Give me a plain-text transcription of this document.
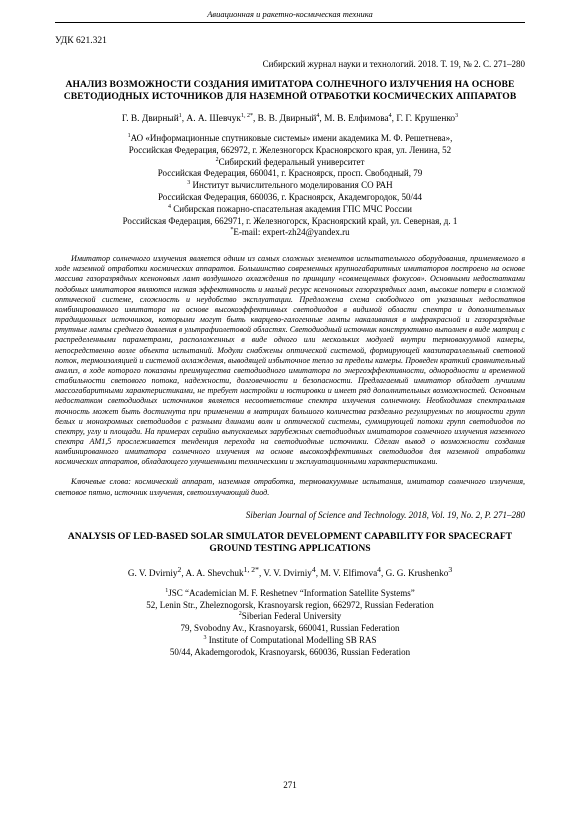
Авиационная и ракетно-космическая техника
УДК 621.321
Сибирский журнал науки и технологий. 2018. Т. 19, № 2. С. 271–280
АНАЛИЗ ВОЗМОЖНОСТИ СОЗДАНИЯ ИМИТАТОРА СОЛНЕЧНОГО ИЗЛУЧЕНИЯ НА ОСНОВЕ СВЕТОДИОДНЫХ ИСТОЧНИКОВ ДЛЯ НАЗЕМНОЙ ОТРАБОТКИ КОСМИЧЕСКИХ АППАРАТОВ
Г. В. Двирный$^1$, А. А. Шевчук$^{1, 2*}$, В. В. Двирный$^4$, М. В. Елфимова$^4$, Г. Г. Крушенко$^3$
$^1$АО «Информационные спутниковые системы» имени академика М. Ф. Решетнева»,
Российская Федерация, 662972, г. Железногорск Красноярского края, ул. Ленина, 52
$^2$Сибирский федеральный университет
Российская Федерация, 660041, г. Красноярск, просп. Свободный, 79
$^3$ Институт вычислительного моделирования СО РАН
Российская Федерация, 660036, г. Красноярск, Академгородок, 50/44
$^4$ Сибирская пожарно-спасательная академия ГПС МЧС России
Российская Федерация, 662971, г. Железногорск, Красноярский край, ул. Северная, д. 1
*E-mail: expert-zh24@yandex.ru
Имитатор солнечного излучения является одним из самых сложных элементов испытательного оборудования, применяемого в ходе наземной отработки космических аппаратов. Большинство современных крупногабаритных имитаторов построено на основе массива газоразрядных ксеноновых ламп воздушного охлаждения по принципу «совмещенных фокусов». Основными недостатками подобных имитаторов являются низкая эффективность и малый ресурс ксеноновых газоразрядных ламп, высокие потери в сложной оптической системе, сложность и неудобство эксплуатации. Предложена схема свободного от указанных недостатков комбинированного имитатора на основе высокоэффективных светодиодов в видимой области спектра и дополнительных традиционных источников, которыми могут быть кварцево-галогенные лампы накаливания в инфракрасной и газоразрядные ртутные лампы среднего давления в ультрафиолетовой областях. Светодиодный источник конструктивно выполнен в виде матриц с распределенными параметрами, расположенных в виде одного или нескольких модулей внутри термовакуумной камеры, непосредственно возле объекта испытаний. Модули снабжены оптической системой, формирующей квазипараллельный световой поток, термоизоляцией и системой охлаждения, выводящей избыточное тепло за пределы камеры. Проведен краткий сравнительный анализ, в ходе которого показаны преимущества светодиодного имитатора по энергоэффективности, однородности и временной стабильности светового потока, надежности, долговечности и безопасности. Предлагаемый имитатор обладает лучшими массогабаритными характеристиками, не требует настройки и юстировки и имеет ряд дополнительных возможностей. Основным недостатком светодиодных источников является несоответствие спектра излучения солнечному. Необходимая спектральная точность может быть достигнута при применении в матрицах большого количества раздельно регулируемых по мощности групп белых и монохромных светодиодов с разными длинами волн и оптической системы, суммирующей потоки групп светодиодов по спектру, углу и площади. На примерах серийно выпускаемых зарубежных светодиодных имитаторов солнечного излучения наземного спектра AM1,5 прослеживается тенденция перехода на светодиодные источники. Сделан вывод о возможности создания комбинированного имитатора солнечного излучения на основе высокоэффективных светодиодов для наземной отработки космических аппаратов, обладающего улучшенными техническими и эксплуатационными характеристиками.
Ключевые слова: космический аппарат, наземная отработка, термовакуумные испытания, имитатор солнечного излучения, световое пятно, источник излучения, светоизлучающий диод.
Siberian Journal of Science and Technology. 2018, Vol. 19, No. 2, P. 271–280
ANALYSIS OF LED-BASED SOLAR SIMULATOR DEVELOPMENT CAPABILITY FOR SPACECRAFT GROUND TESTING APPLICATIONS
G. V. Dvirniy$^2$, A. A. Shevchuk$^{1, 2*}$, V. V. Dvirniy$^4$, M. V. Elfimova$^4$, G. G. Krushenko$^3$
$^1$JSC “Academician M. F. Reshetnev “Information Satellite Systems”
52, Lenin Str., Zheleznogorsk, Krasnoyarsk region, 662972, Russian Federation
$^2$Siberian Federal University
79, Svobodny Av., Krasnoyarsk, 660041, Russian Federation
$^3$ Institute of Computational Modelling SB RAS
50/44, Akademgorodok, Krasnoyarsk, 660036, Russian Federation
271
